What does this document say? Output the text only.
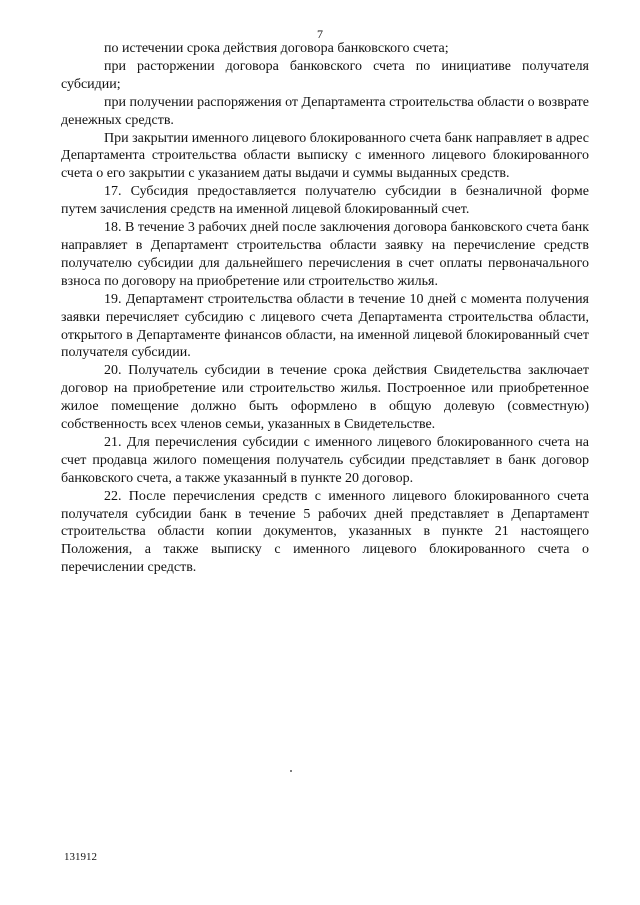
7

по истечении срока действия договора банковского счета;

при расторжении договора банковского счета по инициативе получателя субсидии;

при получении распоряжения от Департамента строительства области о возврате денежных средств.

При закрытии именного лицевого блокированного счета банк направляет в адрес Департамента строительства области выписку с именного лицевого блокированного счета о его закрытии с указанием даты выдачи и суммы выданных средств.

17. Субсидия предоставляется получателю субсидии в безналичной форме путем зачисления средств на именной лицевой блокированный счет.

18. В течение 3 рабочих дней после заключения договора банковского счета банк направляет в Департамент строительства области заявку на перечисление средств получателю субсидии для дальнейшего перечисления в счет оплаты первоначального взноса по договору на приобретение или строительство жилья.

19. Департамент строительства области в течение 10 дней с момента получения заявки перечисляет субсидию с лицевого счета Департамента строительства области, открытого в Департаменте финансов области, на именной лицевой блокированный счет получателя субсидии.

20. Получатель субсидии в течение срока действия Свидетельства заключает договор на приобретение или строительство жилья. Построенное или приобретенное жилое помещение должно быть оформлено в общую долевую (совместную) собственность всех членов семьи, указанных в Свидетельстве.

21. Для перечисления субсидии с именного лицевого блокированного счета на счет продавца жилого помещения получатель субсидии представляет в банк договор банковского счета, а также указанный в пункте 20 договор.

22. После перечисления средств с именного лицевого блокированного счета получателя субсидии банк в течение 5 рабочих дней представляет в Департамент строительства области копии документов, указанных в пункте 21 настоящего Положения, а также выписку с именного лицевого блокированного счета о перечислении средств.

131912
